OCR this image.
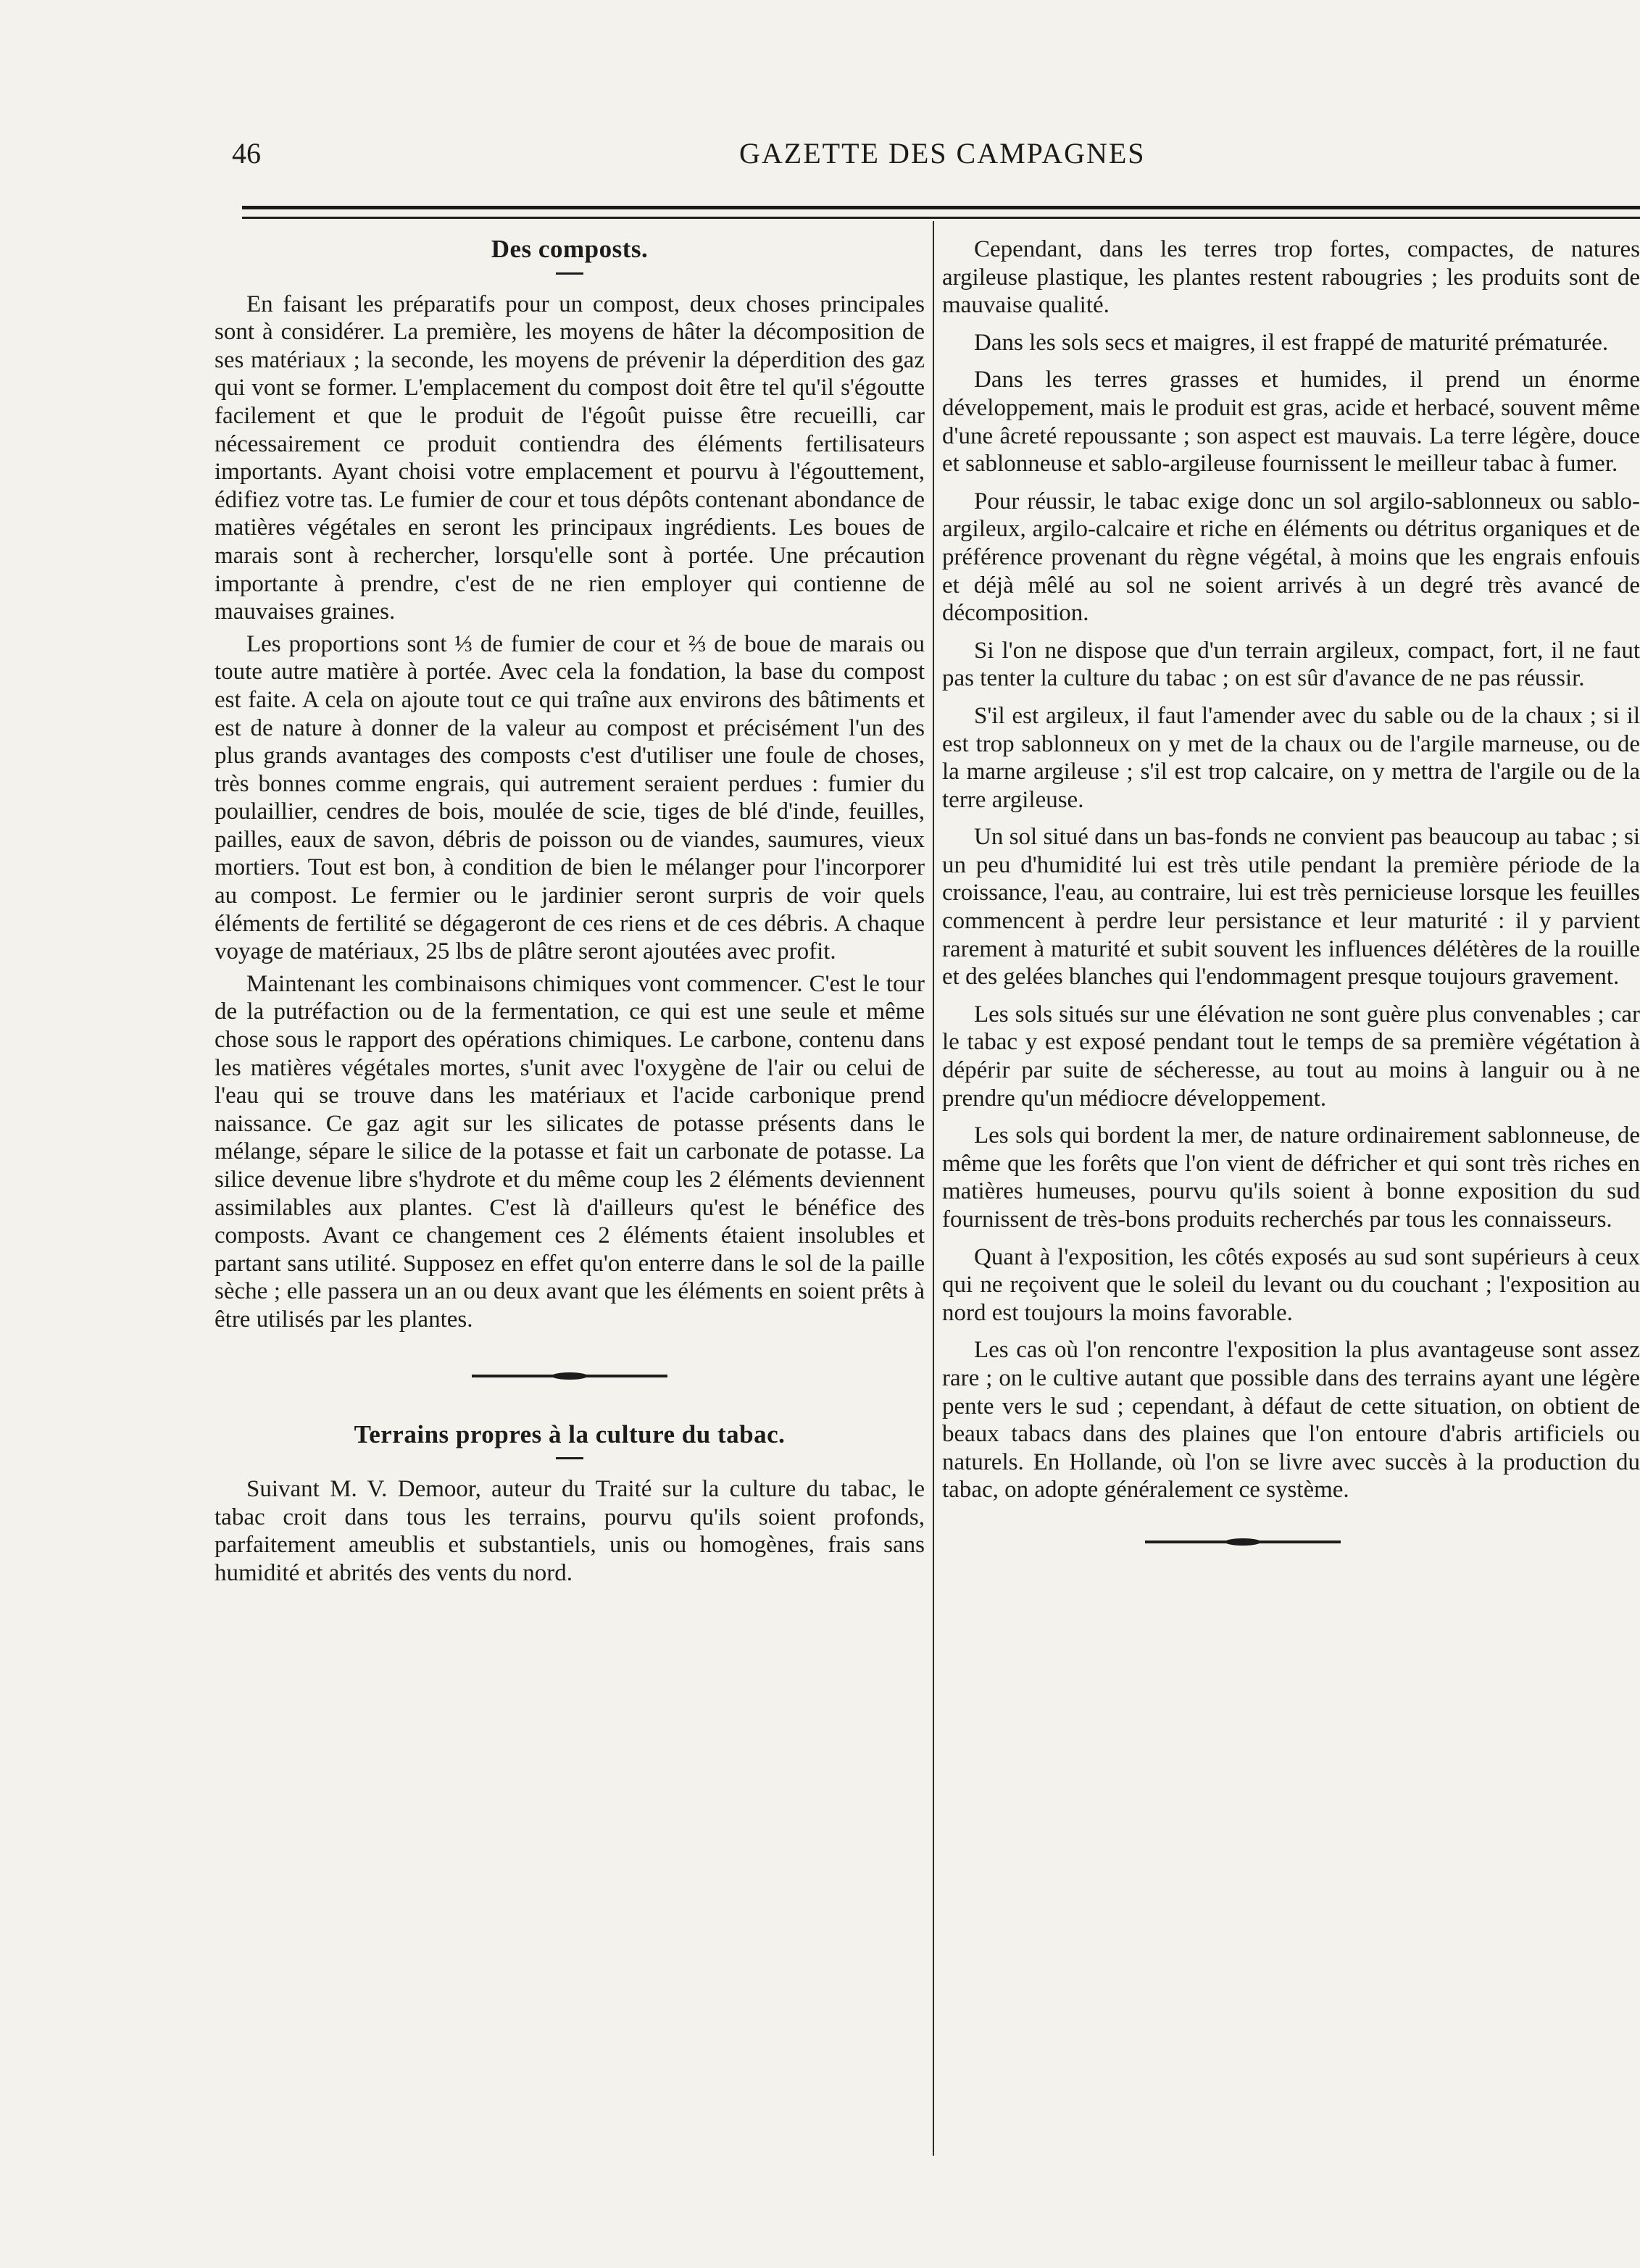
46	GAZETTE DES CAMPAGNES
Des composts.

En faisant les préparatifs pour un compost, deux choses principales sont à considérer. La première, les moyens de hâter la décomposition de ses matériaux ; la seconde, les moyens de prévenir la déperdition des gaz qui vont se former. L'emplacement du compost doit être tel qu'il s'égoutte facilement et que le produit de l'égoût puisse être recueilli, car nécessairement ce produit contiendra des éléments fertilisateurs importants. Ayant choisi votre emplacement et pourvu à l'égouttement, édifiez votre tas. Le fumier de cour et tous dépôts contenant abondance de matières végétales en seront les principaux ingrédients. Les boues de marais sont à rechercher, lorsqu'elle sont à portée. Une précaution importante à prendre, c'est de ne rien employer qui contienne de mauvaises graines.

Les proportions sont ⅓ de fumier de cour et ⅔ de boue de marais ou toute autre matière à portée. Avec cela la fondation, la base du compost est faite. A cela on ajoute tout ce qui traîne aux environs des bâtiments et est de nature à donner de la valeur au compost et précisément l'un des plus grands avantages des composts c'est d'utiliser une foule de choses, très bonnes comme engrais, qui autrement seraient perdues : fumier du poulaillier, cendres de bois, moulée de scie, tiges de blé d'inde, feuilles, pailles, eaux de savon, débris de poisson ou de viandes, saumures, vieux mortiers. Tout est bon, à condition de bien le mélanger pour l'incorporer au compost. Le fermier ou le jardinier seront surpris de voir quels éléments de fertilité se dégageront de ces riens et de ces débris. A chaque voyage de matériaux, 25 lbs de plâtre seront ajoutées avec profit.

Maintenant les combinaisons chimiques vont commencer. C'est le tour de la putréfaction ou de la fermentation, ce qui est une seule et même chose sous le rapport des opérations chimiques. Le carbone, contenu dans les matières végétales mortes, s'unit avec l'oxygène de l'air ou celui de l'eau qui se trouve dans les matériaux et l'acide carbonique prend naissance. Ce gaz agit sur les silicates de potasse présents dans le mélange, sépare le silice de la potasse et fait un carbonate de potasse. La silice devenue libre s'hydrote et du même coup les 2 éléments deviennent assimilables aux plantes. C'est là d'ailleurs qu'est le bénéfice des composts. Avant ce changement ces 2 éléments étaient insolubles et partant sans utilité. Supposez en effet qu'on enterre dans le sol de la paille sèche ; elle passera un an ou deux avant que les éléments en soient prêts à être utilisés par les plantes.

Terrains propres à la culture du tabac.

Suivant M. V. Demoor, auteur du Traité sur la culture du tabac, le tabac croit dans tous les terrains, pourvu qu'ils soient profonds, parfaitement ameublis et substantiels, unis ou homogènes, frais sans humidité et abrités des vents du nord.

Cependant, dans les terres trop fortes, compactes, de natures argileuse plastique, les plantes restent rabougries ; les produits sont de mauvaise qualité.

Dans les sols secs et maigres, il est frappé de maturité prématurée.

Dans les terres grasses et humides, il prend un énorme développement, mais le produit est gras, acide et herbacé, souvent même d'une âcreté repoussante ; son aspect est mauvais. La terre légère, douce et sablonneuse et sablo-argileuse fournissent le meilleur tabac à fumer.

Pour réussir, le tabac exige donc un sol argilo-sablonneux ou sablo-argileux, argilo-calcaire et riche en éléments ou détritus organiques et de préférence provenant du règne végétal, à moins que les engrais enfouis et déjà mêlé au sol ne soient arrivés à un degré très avancé de décomposition.

Si l'on ne dispose que d'un terrain argileux, compact, fort, il ne faut pas tenter la culture du tabac ; on est sûr d'avance de ne pas réussir.

S'il est argileux, il faut l'amender avec du sable ou de la chaux ; si il est trop sablonneux on y met de la chaux ou de l'argile marneuse, ou de la marne argileuse ; s'il est trop calcaire, on y mettra de l'argile ou de la terre argileuse.

Un sol situé dans un bas-fonds ne convient pas beaucoup au tabac ; si un peu d'humidité lui est très utile pendant la première période de la croissance, l'eau, au contraire, lui est très pernicieuse lorsque les feuilles commencent à perdre leur persistance et leur maturité : il y parvient rarement à maturité et subit souvent les influences délétères de la rouille et des gelées blanches qui l'endommagent presque toujours gravement.

Les sols situés sur une élévation ne sont guère plus convenables ; car le tabac y est exposé pendant tout le temps de sa première végétation à dépérir par suite de sécheresse, au tout au moins à languir ou à ne prendre qu'un médiocre développement.

Les sols qui bordent la mer, de nature ordinairement sablonneuse, de même que les forêts que l'on vient de défricher et qui sont très riches en matières humeuses, pourvu qu'ils soient à bonne exposition du sud fournissent de très-bons produits recherchés par tous les connaisseurs.

Quant à l'exposition, les côtés exposés au sud sont supérieurs à ceux qui ne reçoivent que le soleil du levant ou du couchant ; l'exposition au nord est toujours la moins favorable.

Les cas où l'on rencontre l'exposition la plus avantageuse sont assez rare ; on le cultive autant que possible dans des terrains ayant une légère pente vers le sud ; cependant, à défaut de cette situation, on obtient de beaux tabacs dans des plaines que l'on entoure d'abris artificiels ou naturels. En Hollande, où l'on se livre avec succès à la production du tabac, on adopte généralement ce système.
